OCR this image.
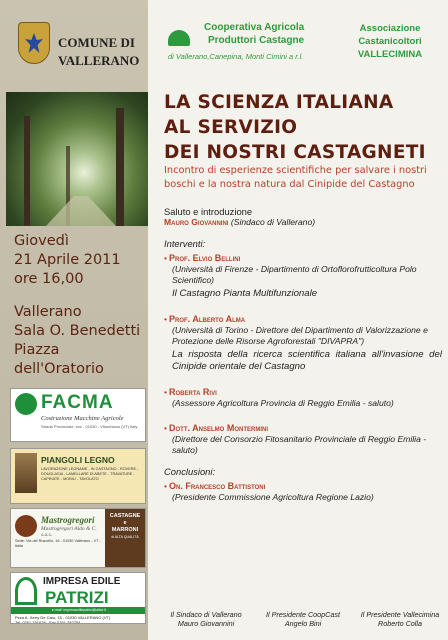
COMUNE DI
VALLERANO
Giovedì
21 Aprile 2011
ore 16,00
Vallerano
Sala O. Benedetti
Piazza dell'Oratorio
FACMA
Costruzione Macchine Agricole
Strada Provinciale, snc - 01030 - Vitorchiano (VT) Italy
PIANGOLI LEGNO
LAVORAZIONE LEGNAME - IN CASTAGNO - ROVERE - DOUGLASIA - LAMELLARE DI ABETE - TRAVATURE - CAPRIATE - MOBILI - TAVOLATO
Mastrogregori
Mastrogregori Aldo & C. s.a.s.
Sede: Via del Ruscello, 16 - 01030 Vallerano - VT - Italia
CASTAGNE
e
MARRONI
di ALTA QUALITÀ
IMPRESA EDILE
PATRIZI
e-mail: impresaedilepatrizi@alice.it
Pzza A. Xerry De Caro, 15 - 01030 VALLERANO (VT)
Tel. 0761.751628 - Fax 0761.282754
Cooperativa Agricola
Produttori Castagne
di Vallerano,Canepina, Monti Cimini a r.l.
Associazione
Castanicoltori
VALLECIMINA
LA SCIENZA ITALIANA
AL SERVIZIO
DEI NOSTRI CASTAGNETI
Incontro di esperienze scientifiche per salvare i nostri boschi e la nostra natura dal Cinipide del Castagno
Saluto e introduzione
Mauro Giovannini (Sindaco di Vallerano)
Interventi:
• Prof. Elvio Bellini
(Università di Firenze - Dipartimento di Ortoflorofrutticoltura Polo Scientifico)
Il Castagno Pianta Multifunzionale
• Prof. Alberto Alma
(Università di Torino - Direttore del Dipartimento di Valorizzazione e Protezione delle Risorse Agroforestali "DIVAPRA")
La risposta della ricerca scientifica italiana all'invasione del Cinipide orientale del Castagno
• Roberta Rivi
(Assessore Agricoltura Provincia di Reggio Emilia - saluto)
• Dott. Anselmo Montermini
(Direttore del Consorzio Fitosanitario Provinciale di Reggio Emilia - saluto)
Conclusioni:
• On. Francesco Battistoni
(Presidente Commissione Agricoltura Regione Lazio)
Il Sindaco di Vallerano
Mauro Giovannini
Il Presidente CoopCast
Angelo Bini
Il Presidente Vallecimina
Roberto Colla
